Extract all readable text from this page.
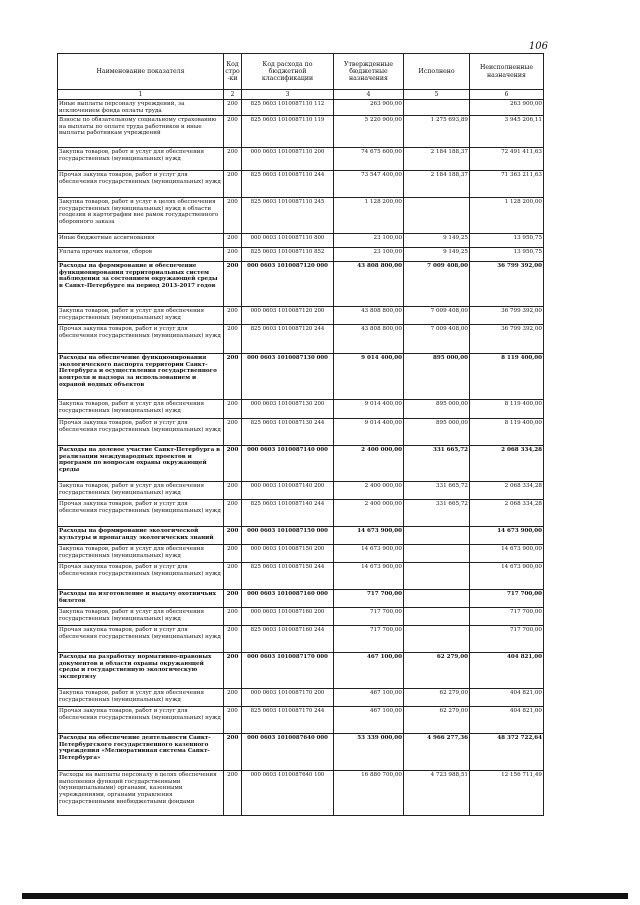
106
Наименование показателя	Код стро-ки	Код расхода по бюджетной классификации	Утвержденные бюджетные назначения	Исполнено	Неисполненные назначения
1	2	3	4	5	6
Иные выплаты персоналу учреждений, за исключением фонда оплаты труда	200	825 0603 1010087110 112	263 900,00		263 900,00
Взносы по обязательному социальному страхованию на выплаты по оплате труда работников и иные выплаты работникам учреждений	200	825 0603 1010087110 119	5 220 900,00	1 275 693,89	3 945 206,11
Закупка товаров, работ и услуг для обеспечения государственных (муниципальных) нужд	200	000 0603 1010087110 200	74 675 600,00	2 184 188,37	72 491 411,63
Прочая закупка товаров, работ и услуг для обеспечения государственных (муниципальных) нужд	200	825 0603 1010087110 244	73 547 400,00	2 184 188,37	71 363 211,63
Закупка товаров, работ и услуг в целях обеспечения государственных (муниципальных) нужд в области геодезии и картографии вне рамок государственного оборонного заказа	200	825 0603 1010087110 245	1 128 200,00		1 128 200,00
Иные бюджетные ассигнования	200	000 0603 1010087110 800	23 100,00	9 149,25	13 950,75
Уплата прочих налогов, сборов	200	825 0603 1010087110 852	23 100,00	9 149,25	13 950,75
Расходы на формирование и обеспечение функционирования территориальных систем наблюдения за состоянием окружающей среды в Санкт-Петербурге на период 2013-2017 годов	200	000 0603 1010087120 000	43 808 800,00	7 009 408,00	36 799 392,00
Закупка товаров, работ и услуг для обеспечения государственных (муниципальных) нужд	200	000 0603 1010087120 200	43 808 800,00	7 009 408,00	36 799 392,00
Прочая закупка товаров, работ и услуг для обеспечения государственных (муниципальных) нужд	200	825 0603 1010087120 244	43 808 800,00	7 009 408,00	36 799 392,00
Расходы на обеспечение функционирования экологического паспорта территории Санкт-Петербурга и осуществления государственного контроля и надзора за использованием и охраной водных объектов	200	000 0603 1010087130 000	9 014 400,00	895 000,00	8 119 400,00
Закупка товаров, работ и услуг для обеспечения государственных (муниципальных) нужд	200	000 0603 1010087130 200	9 014 400,00	895 000,00	8 119 400,00
Прочая закупка товаров, работ и услуг для обеспечения государственных (муниципальных) нужд	200	825 0603 1010087130 244	9 014 400,00	895 000,00	8 119 400,00
Расходы на долевое участие Санкт-Петербурга в реализации международных проектов и программ по вопросам охраны окружающей среды	200	000 0603 1010087140 000	2 400 000,00	331 665,72	2 068 334,28
Закупка товаров, работ и услуг для обеспечения государственных (муниципальных) нужд	200	000 0603 1010087140 200	2 400 000,00	331 665,72	2 068 334,28
Прочая закупка товаров, работ и услуг для обеспечения государственных (муниципальных) нужд	200	825 0603 1010087140 244	2 400 000,00	331 665,72	2 068 334,28
Расходы на формирование экологической культуры и пропаганду экологических знаний	200	000 0603 1010087150 000	14 673 900,00		14 673 900,00
Закупка товаров, работ и услуг для обеспечения государственных (муниципальных) нужд	200	000 0603 1010087150 200	14 673 900,00		14 673 900,00
Прочая закупка товаров, работ и услуг для обеспечения государственных (муниципальных) нужд	200	825 0603 1010087150 244	14 673 900,00		14 673 900,00
Расходы на изготовление и выдачу охотничьих билетов	200	000 0603 1010087160 000	717 700,00		717 700,00
Закупка товаров, работ и услуг для обеспечения государственных (муниципальных) нужд	200	000 0603 1010087160 200	717 700,00		717 700,00
Прочая закупка товаров, работ и услуг для обеспечения государственных (муниципальных) нужд	200	825 0603 1010087160 244	717 700,00		717 700,00
Расходы на разработку нормативно-правовых документов в области охраны окружающей среды и государственную экологическую экспертизу	200	000 0603 1010087170 000	467 100,00	62 279,00	404 821,00
Закупка товаров, работ и услуг для обеспечения государственных (муниципальных) нужд	200	000 0603 1010087170 200	467 100,00	62 279,00	404 821,00
Прочая закупка товаров, работ и услуг для обеспечения государственных (муниципальных) нужд	200	825 0603 1010087170 244	467 100,00	62 279,00	404 821,00
Расходы на обеспечение деятельности Санкт-Петербургского государственного казенного учреждения «Мелиоративная система Санкт-Петербурга»	200	000 0603 1010087640 000	53 339 000,00	4 966 277,36	48 372 722,64
Расходы на выплаты персоналу в целях обеспечения выполнения функций государственными (муниципальными) органами, казенными учреждениями, органами управления государственными внебюджетными фондами	200	000 0603 1010087640 100	16 880 700,00	4 723 988,51	12 156 711,49
